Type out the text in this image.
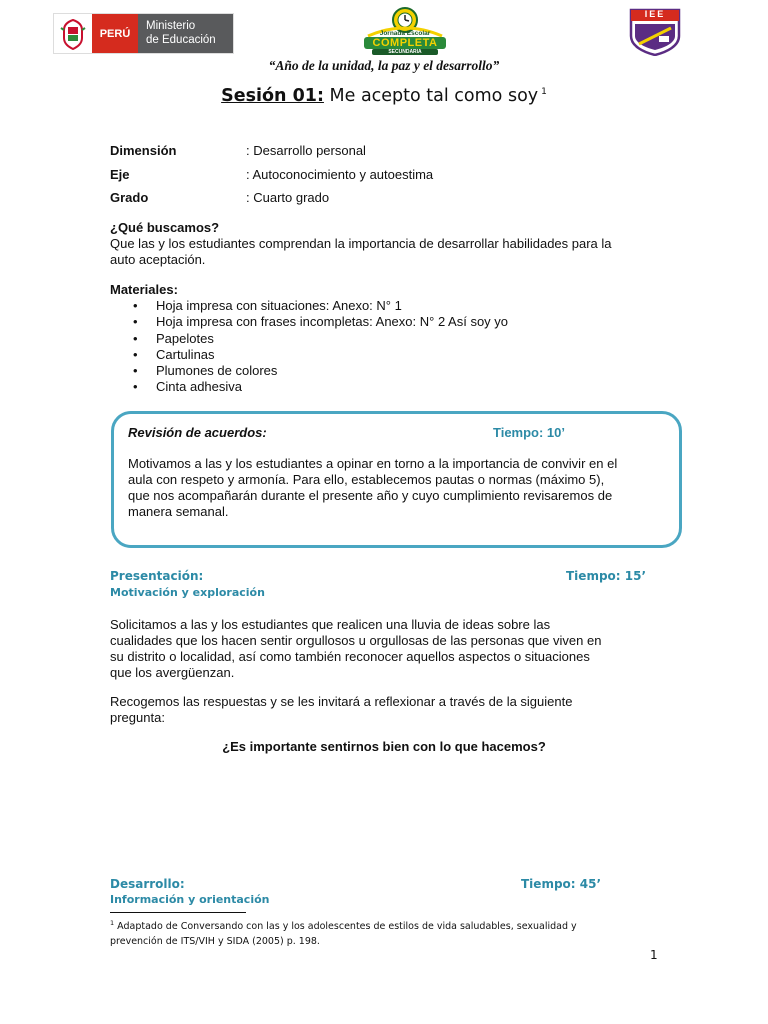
PERÚ
Ministerio
de Educación
Jornada Escolar
COMPLETA
SECUNDARIA
IEE
“Año de la unidad, la paz y el desarrollo”
Sesión 01: Me acepto tal como soy $^1$
Dimensión	: Desarrollo personal
Eje	: Autoconocimiento y autoestima
Grado	: Cuarto grado
¿Qué buscamos?
Que las y los estudiantes comprendan la importancia de desarrollar habilidades para la
auto aceptación.
Materiales:
• Hoja impresa con situaciones: Anexo: N° 1
• Hoja impresa con frases incompletas: Anexo: N° 2 Así soy yo
• Papelotes
• Cartulinas
• Plumones de colores
• Cinta adhesiva
Revisión de acuerdos:	Tiempo: 10’
Motivamos a las y los estudiantes a opinar en torno a la importancia de convivir en el
aula con respeto y armonía. Para ello, establecemos pautas o normas (máximo 5),
que nos acompañarán durante el presente año y cuyo cumplimiento revisaremos de
manera semanal.
Presentación:	Tiempo: 15’
Motivación y exploración
Solicitamos a las y los estudiantes que realicen una lluvia de ideas sobre las
cualidades que los hacen sentir orgullosos u orgullosas de las personas que viven en
su distrito o localidad, así como también reconocer aquellos aspectos o situaciones
que los avergüenzan.
Recogemos las respuestas y se les invitará a reflexionar a través de la siguiente
pregunta:
¿Es importante sentirnos bien con lo que hacemos?
Desarrollo:	Tiempo: 45’
Información y orientación
$^1$ Adaptado de Conversando con las y los adolescentes de estilos de vida saludables, sexualidad y
prevención de ITS/VIH y SIDA (2005) p. 198.
1
